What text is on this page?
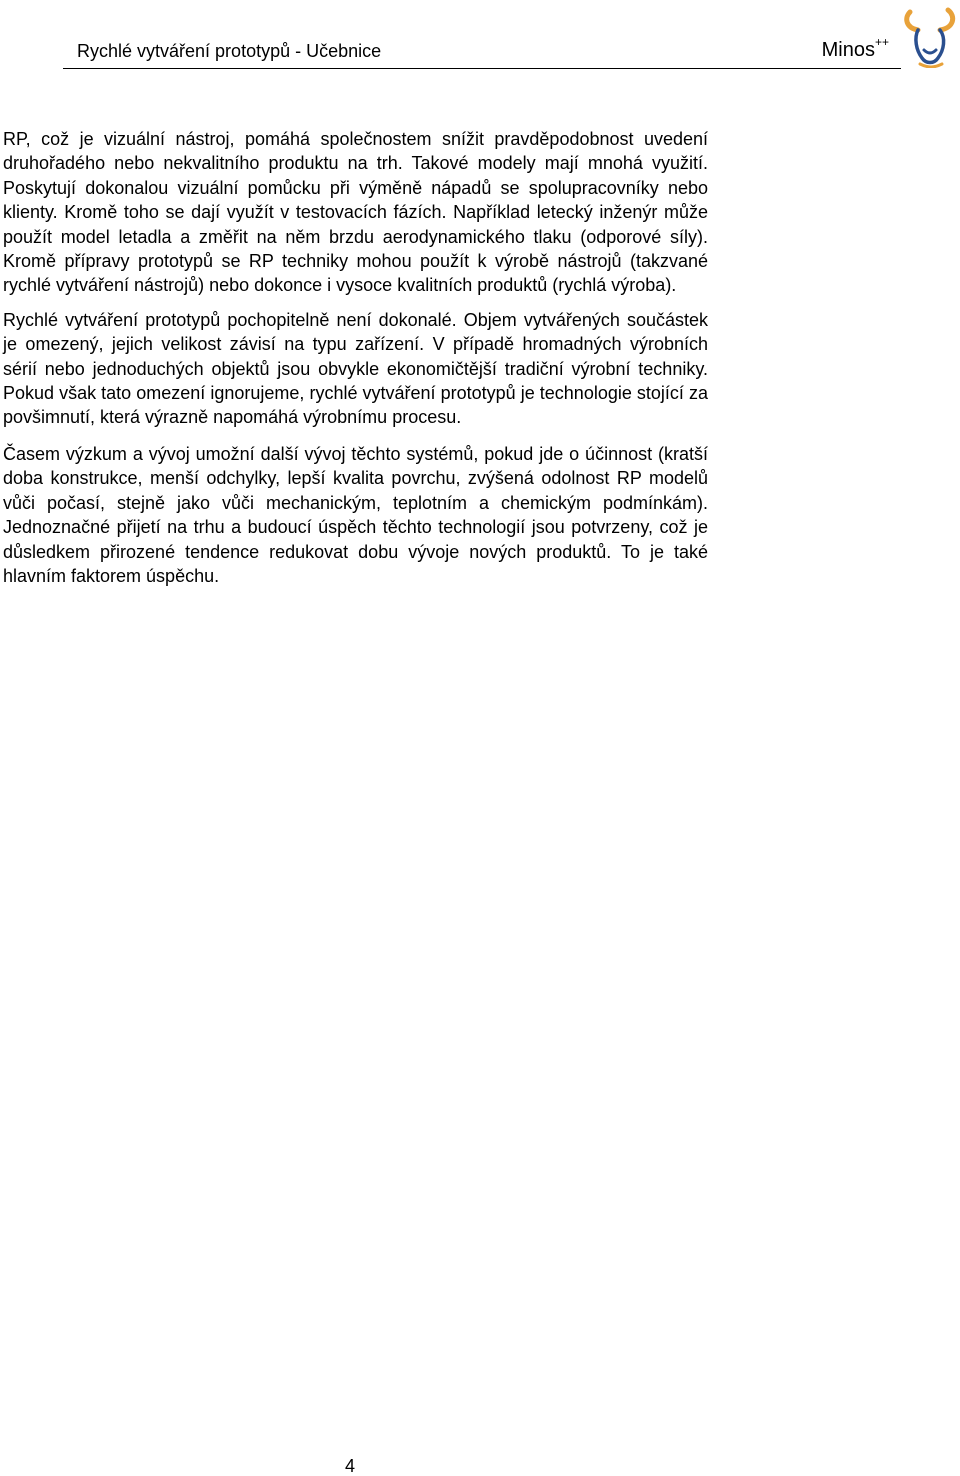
Rychlé vytváření prototypů - Učebnice	Minos++

RP, což je vizuální nástroj, pomáhá společnostem snížit pravděpodobnost uvedení druhořadého nebo nekvalitního produktu na trh. Takové modely mají mnohá využití. Poskytují dokonalou vizuální pomůcku při výměně nápadů se spolupracovníky nebo klienty. Kromě toho se dají využít v testovacích fázích. Například letecký inženýr může použít model letadla a změřit na něm brzdu aerodynamického tlaku (odporové síly). Kromě přípravy prototypů se RP techniky mohou použít k výrobě nástrojů (takzvané rychlé vytváření nástrojů) nebo dokonce i vysoce kvalitních produktů (rychlá výroba).

Rychlé vytváření prototypů pochopitelně není dokonalé. Objem vytvářených součástek je omezený, jejich velikost závisí na typu zařízení. V případě hromadných výrobních sérií nebo jednoduchých objektů jsou obvykle ekonomičtější tradiční výrobní techniky. Pokud však tato omezení ignorujeme, rychlé vytváření prototypů je technologie stojící za povšimnutí, která výrazně napomáhá výrobnímu procesu.

Časem výzkum a vývoj umožní další vývoj těchto systémů, pokud jde o účinnost (kratší doba konstrukce, menší odchylky, lepší kvalita povrchu, zvýšená odolnost RP modelů vůči počasí, stejně jako vůči mechanickým, teplotním a chemickým podmínkám). Jednoznačné přijetí na trhu a budoucí úspěch těchto technologií jsou potvrzeny, což je důsledkem přirozené tendence redukovat dobu vývoje nových produktů. To je také hlavním faktorem úspěchu.

4
